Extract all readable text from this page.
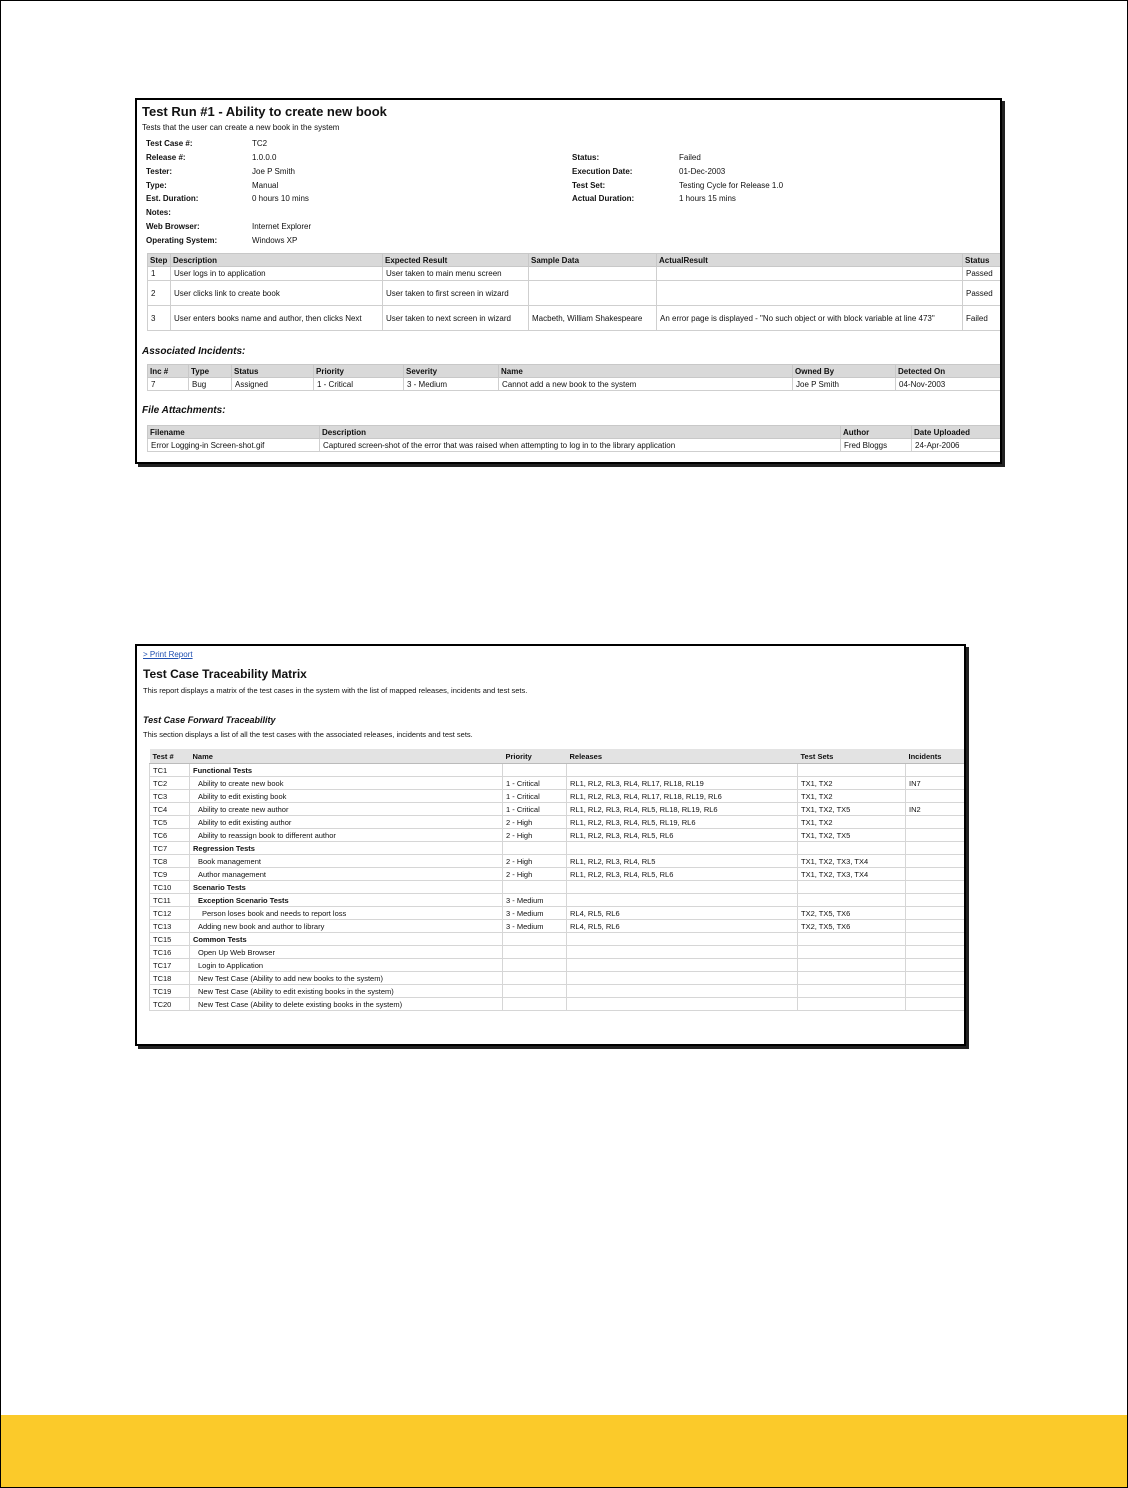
Test Run #1 - Ability to create new book
Tests that the user can create a new book in the system
Test Case #:	TC2
Release #:	1.0.0.0
Tester:	Joe P Smith
Type:	Manual
Est. Duration:	0 hours 10 mins
Notes:
Web Browser:	Internet Explorer
Operating System:	Windows XP
Status:	Failed
Execution Date:	01-Dec-2003
Test Set:	Testing Cycle for Release 1.0
Actual Duration:	1 hours 15 mins
Step	Description	Expected Result	Sample Data	ActualResult	Status
1	User logs in to application	User taken to main menu screen			Passed
2	User clicks link to create book	User taken to first screen in wizard			Passed
3	User enters books name and author, then clicks Next	User taken to next screen in wizard	Macbeth, William Shakespeare	An error page is displayed - "No such object or with block variable at line 473"	Failed
Associated Incidents:
Inc #	Type	Status	Priority	Severity	Name	Owned By	Detected On
7	Bug	Assigned	1 - Critical	3 - Medium	Cannot add a new book to the system	Joe P Smith	04-Nov-2003
File Attachments:
Filename	Description	Author	Date Uploaded
Error Logging-in Screen-shot.gif	Captured screen-shot of the error that was raised when attempting to log in to the library application	Fred Bloggs	24-Apr-2006
> Print Report
Test Case Traceability Matrix
This report displays a matrix of the test cases in the system with the list of mapped releases, incidents and test sets.
Test Case Forward Traceability
This section displays a list of all the test cases with the associated releases, incidents and test sets.
Test #	Name	Priority	Releases	Test Sets	Incidents
TC1	Functional Tests				
TC2	Ability to create new book	1 - Critical	RL1, RL2, RL3, RL4, RL17, RL18, RL19	TX1, TX2	IN7
TC3	Ability to edit existing book	1 - Critical	RL1, RL2, RL3, RL4, RL17, RL18, RL19, RL6	TX1, TX2	
TC4	Ability to create new author	1 - Critical	RL1, RL2, RL3, RL4, RL5, RL18, RL19, RL6	TX1, TX2, TX5	IN2
TC5	Ability to edit existing author	2 - High	RL1, RL2, RL3, RL4, RL5, RL19, RL6	TX1, TX2	
TC6	Ability to reassign book to different author	2 - High	RL1, RL2, RL3, RL4, RL5, RL6	TX1, TX2, TX5	
TC7	Regression Tests				
TC8	Book management	2 - High	RL1, RL2, RL3, RL4, RL5	TX1, TX2, TX3, TX4	
TC9	Author management	2 - High	RL1, RL2, RL3, RL4, RL5, RL6	TX1, TX2, TX3, TX4	
TC10	Scenario Tests				
TC11	Exception Scenario Tests	3 - Medium			
TC12	Person loses book and needs to report loss	3 - Medium	RL4, RL5, RL6	TX2, TX5, TX6	
TC13	Adding new book and author to library	3 - Medium	RL4, RL5, RL6	TX2, TX5, TX6	
TC15	Common Tests				
TC16	Open Up Web Browser				
TC17	Login to Application				
TC18	New Test Case (Ability to add new books to the system)				
TC19	New Test Case (Ability to edit existing books in the system)				
TC20	New Test Case (Ability to delete existing books in the system)				
